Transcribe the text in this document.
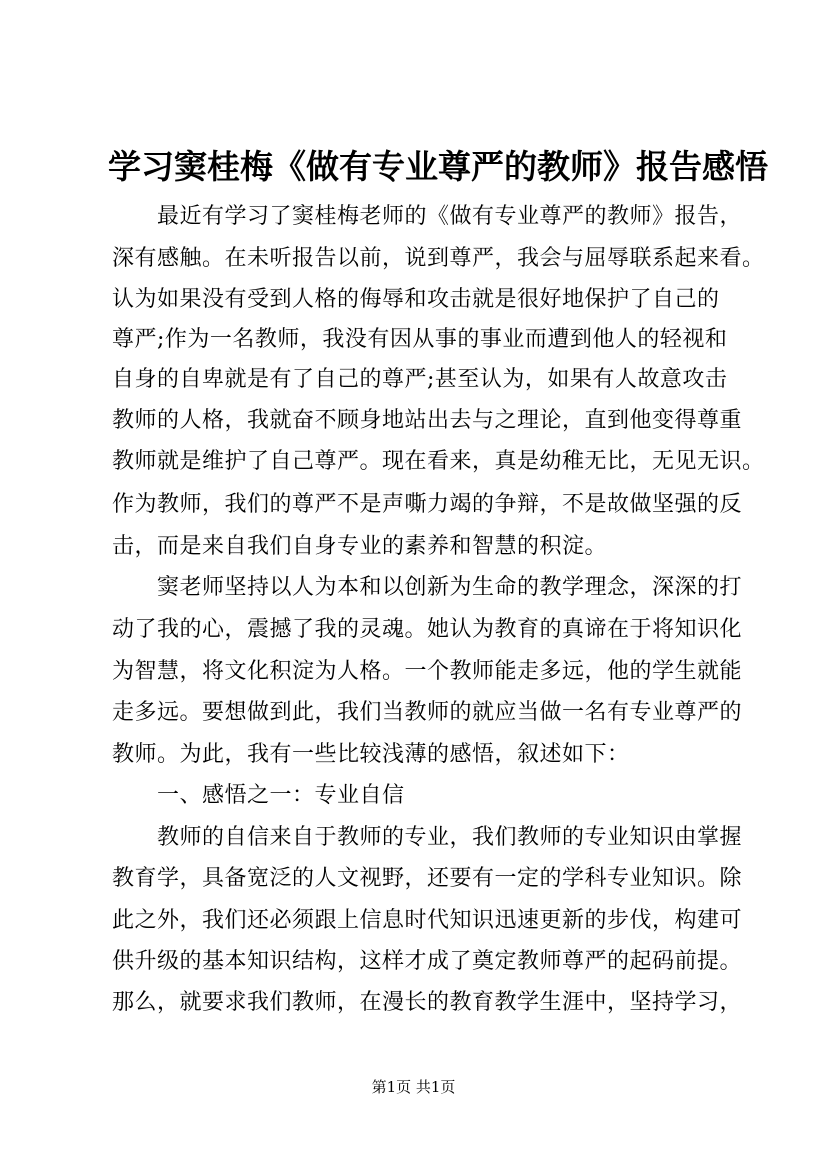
学习窦桂梅《做有专业尊严的教师》报告感悟
　　最近有学习了窦桂梅老师的《做有专业尊严的教师》报告，
深有感触。在未听报告以前，说到尊严，我会与屈辱联系起来看。
认为如果没有受到人格的侮辱和攻击就是很好地保护了自己的
尊严;作为一名教师，我没有因从事的事业而遭到他人的轻视和
自身的自卑就是有了自己的尊严;甚至认为，如果有人故意攻击
教师的人格，我就奋不顾身地站出去与之理论，直到他变得尊重
教师就是维护了自己尊严。现在看来，真是幼稚无比，无见无识。
作为教师，我们的尊严不是声嘶力竭的争辩，不是故做坚强的反
击，而是来自我们自身专业的素养和智慧的积淀。
　　窦老师坚持以人为本和以创新为生命的教学理念，深深的打
动了我的心，震撼了我的灵魂。她认为教育的真谛在于将知识化
为智慧，将文化积淀为人格。一个教师能走多远，他的学生就能
走多远。要想做到此，我们当教师的就应当做一名有专业尊严的
教师。为此，我有一些比较浅薄的感悟，叙述如下：
　　一、感悟之一：专业自信
　　教师的自信来自于教师的专业，我们教师的专业知识由掌握
教育学，具备宽泛的人文视野，还要有一定的学科专业知识。除
此之外，我们还必须跟上信息时代知识迅速更新的步伐，构建可
供升级的基本知识结构，这样才成了奠定教师尊严的起码前提。
那么，就要求我们教师，在漫长的教育教学生涯中，坚持学习，
第1页 共1页
